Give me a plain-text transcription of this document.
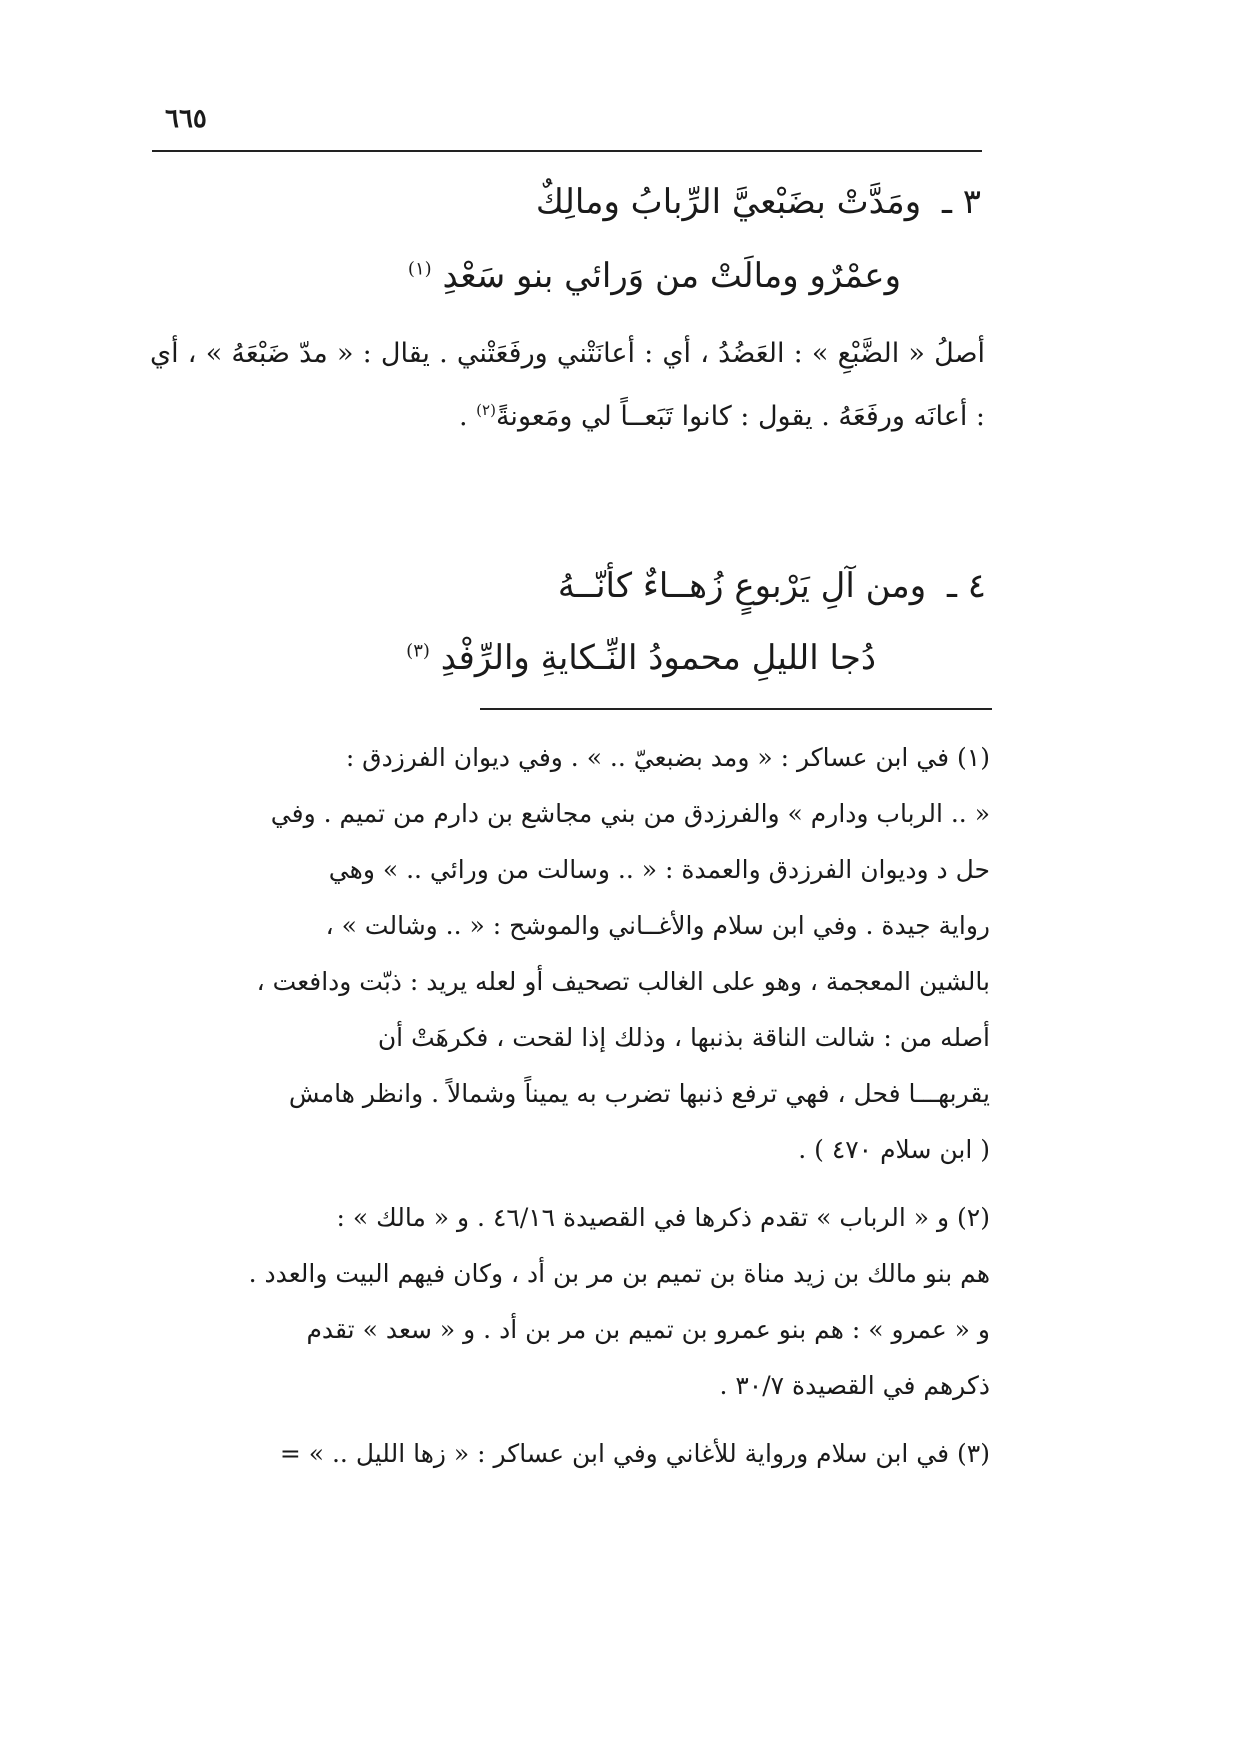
٦٦٥
٣ ـ ومَدَّتْ بضَبْعيَّ الرِّبابُ ومالِكٌ
وعمْرٌو ومالَتْ من وَرائي بنو سَعْدِ $^{(١)}$
أصلُ « الضَّبْعِ » : العَضُدُ ، أي : أعانَتْني ورفَعَتْني . يقال : « مدّ ضَبْعَهُ » ، أي : أعانَه ورفَعَهُ . يقول : كانوا تَبَعــاً لي ومَعونةً$^{(٢)}$ .
٤ ـ ومن آلِ يَرْبوعٍ زُهــاءٌ كأنّــهُ
دُجا الليلِ محمودُ النِّـكايةِ والرِّفْدِ $^{(٣)}$

(١) في ابن عساكر : « ومد بضبعيّ .. » . وفي ديوان الفرزدق :

« .. الرباب ودارم » والفرزدق من بني مجاشع بن دارم من تميم . وفي

حل د وديوان الفرزدق والعمدة : « .. وسالت من ورائي .. » وهي

رواية جيدة . وفي ابن سلام والأغــاني والموشح : « .. وشالت » ،

بالشين المعجمة ، وهو على الغالب تصحيف أو لعله يريد : ذبّت ودافعت ،

أصله من : شالت الناقة بذنبها ، وذلك إذا لقحت ، فكرهَتْ أن

يقربهـــا فحل ، فهي ترفع ذنبها تضرب به يميناً وشمالاً . وانظر هامش

( ابن سلام ٤٧٠ ) .

(٢) و « الرباب » تقدم ذكرها في القصيدة ٤٦/١٦ . و « مالك » :

هم بنو مالك بن زيد مناة بن تميم بن مر بن أد ، وكان فيهم البيت والعدد .

و « عمرو » : هم بنو عمرو بن تميم بن مر بن أد . و « سعد » تقدم

ذكرهم في القصيدة ٣٠/٧ .

(٣) في ابن سلام ورواية للأغاني وفي ابن عساكر : « زها الليل .. » =
